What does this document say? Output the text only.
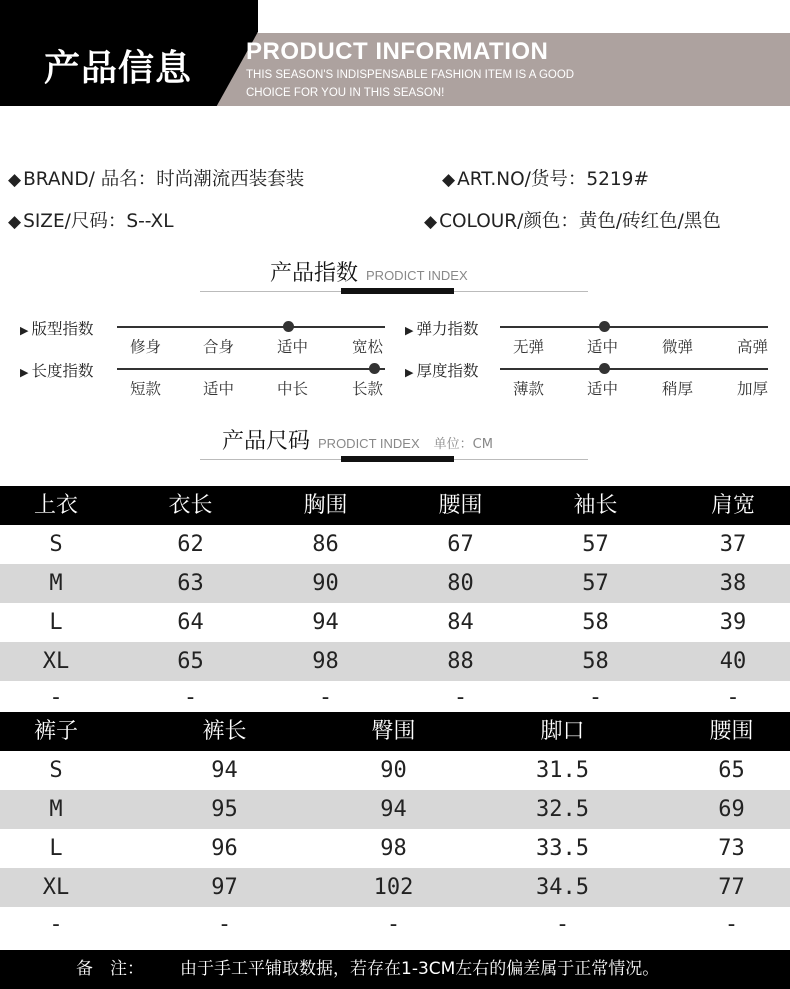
产品信息	PRODUCT INFORMATION
THIS SEASON'S INDISPENSABLE FASHION ITEM IS A GOOD CHOICE FOR YOU IN THIS SEASON!
◆ BRAND/ 品名：时尚潮流西装套装	◆ ART.NO/货号：5219#
◆ SIZE/尺码：S--XL	◆ COLOUR/颜色：黄色/砖红色/黑色
产品指数 PRODICT INDEX
▶ 版型指数
修身	合身	适中	宽松
▶ 弹力指数
无弹	适中	微弹	高弹
▶ 长度指数
短款	适中	中长	长款
▶ 厚度指数
薄款	适中	稍厚	加厚
产品尺码 PRODICT INDEX 单位：CM
上衣	衣长	胸围	腰围	袖长	肩宽
S	62	86	67	57	37
M	63	90	80	57	38
L	64	94	84	58	39
XL	65	98	88	58	40
-	-	-	-	-	-
裤子	裤长	臀围	脚口	腰围
S	94	90	31.5	65
M	95	94	32.5	69
L	96	98	33.5	73
XL	97	102	34.5	77
-	-	-	-	-
备　注： 由于手工平铺取数据，若存在1-3CM左右的偏差属于正常情况。
